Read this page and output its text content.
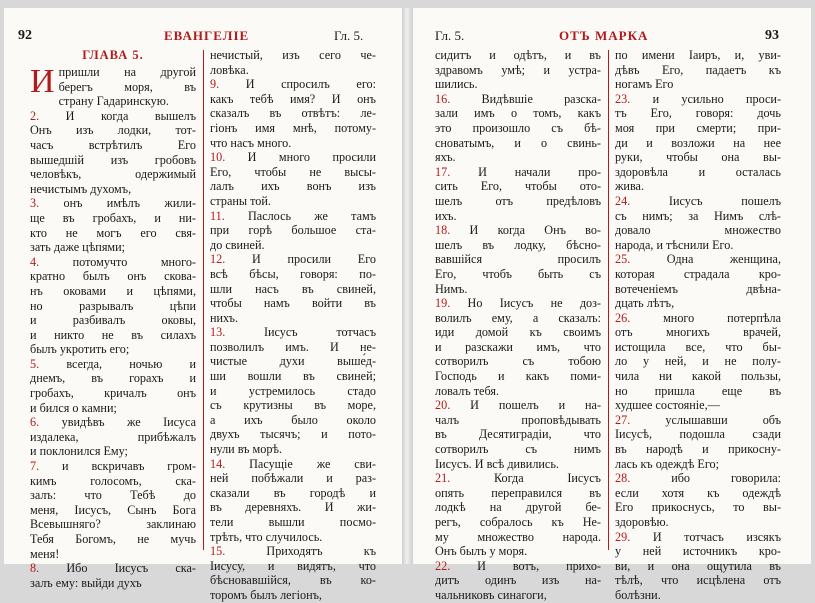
92	ЕВАНГЕЛIЕ	Гл. 5.
ГЛАВА 5.
И пришли на другой
берегъ моря, въ
страну Гадаринскую.
2. И когда вышелъ
Онъ изъ лодки, тот-
часъ встрѣтилъ Его
вышедшiй изъ гробовъ
человѣкъ, одержимый
нечистымъ духомъ,
3. онъ имѣлъ жили-
ще въ гробахъ, и ни-
кто не могъ его свя-
зать даже цѣпями;
4. потомучто много-
кратно былъ онъ скова-
нъ оковами и цѣпями,
но разрывалъ цѣпи
и разбивалъ оковы,
и никто не въ силахъ
былъ укротить его;
5. всегда, ночью и
днемъ, въ горахъ и
гробахъ, кричалъ онъ
и бился о камни;
6. увидѣвъ же Iисуса
издалека, прибѣжалъ
и поклонился Ему;
7. и вскричавъ гром-
кимъ голосомъ, ска-
залъ: что Тебѣ до
меня, Iисусъ, Сынъ Бога
Всевышняго? заклинаю
Тебя Богомъ, не мучь
меня!
8. Ибо Iисусъ ска-
залъ ему: выйди духъ
нечистый, изъ сего че-
ловѣка.
9. И спросилъ его:
какъ тебѣ имя? И онъ
сказалъ въ отвѣтъ: ле-
гiонъ имя мнѣ, потому-
что насъ много.
10. И много просили
Его, чтобы не высы-
лалъ ихъ вонъ изъ
страны той.
11. Паслось же тамъ
при горѣ большое ста-
до свиней.
12. И просили Его
всѣ бѣсы, говоря: по-
шли насъ въ свиней,
чтобы намъ войти въ
нихъ.
13. Iисусъ тотчасъ
позволилъ имъ. И не-
чистые духи выше́д-
ши вошли въ свиней;
и устремилось стадо
съ крутизны въ море,
а ихъ было около
двухъ тысячъ; и пото-
нули въ морѣ.
14. Пасущiе же сви-
ней побѣжали и раз-
сказали въ городѣ и
въ деревняхъ. И жи-
тели вышли посмо-
трѣть, что случилось.
15. Приходятъ къ
Iисусу, и видятъ, что
бѣсновавшiйся, въ ко-
торомъ былъ легiонъ,
Гл. 5.	ОТЪ МАРКА	93
сидитъ и одѣтъ, и въ
здравомъ умѣ; и устра-
шились.
16. Видѣвшiе разска-
зали имъ о томъ, какъ
это произошло съ бѣ-
сноватымъ, и о свинь-
яхъ.
17. И начали про-
сить Его, чтобы ото-
шелъ отъ предѣловъ
ихъ.
18. И когда Онъ во-
шелъ въ лодку, бѣсно-
вавшiйся просилъ
Его, чтобъ быть съ
Нимъ.
19. Но Iисусъ не доз-
волилъ ему, а сказалъ:
иди домой къ своимъ
и разскажи имъ, что
сотворилъ съ тобою
Господь и какъ поми-
ловалъ тебя.
20. И пошелъ и на-
чалъ проповѣдывать
въ Десятиградiи, что
сотворилъ съ нимъ
Iисусъ. И всѣ дивились.
21. Когда Iисусъ
опять переправился въ
лодкѣ на другой бе-
регъ, собралось къ Не-
му множество народа.
Онъ былъ у моря.
22. И вотъ, прихо-
дитъ одинъ изъ на-
чальниковъ синагоги,
по имени Iаиръ, и, уви-
дѣвъ Его, падаетъ къ
ногамъ Его
23. и усильно проси-
тъ Его, говоря: дочь
моя при смерти; при-
ди и возложи на нее
руки, чтобы она вы-
здоровѣла и осталась
жива.
24. Iисусъ пошелъ
съ нимъ; за Нимъ слѣ-
довало множество
народа, и тѣснили Его.
25. Одна женщина,
которая страдала кро-
вотеченiемъ двѣна-
дцать лѣтъ,
26. много потерпѣла
отъ многихъ врачей,
истощила все, что бы-
ло у ней, и не полу-
чила ни какой пользы,
но пришла еще въ
худшее состоянiе,—
27. услышавши объ
Iисусѣ, подошла сзади
въ народѣ и прикосну-
лась къ одеждѣ Его;
28. ибо говорила:
если хотя къ одеждѣ
Его прикоснусь, то вы-
здоровѣю.
29. И тотчасъ изсякъ
у ней источникъ кро-
ви, и она ощутила въ
тѣлѣ, что исцѣлена отъ
болѣзни.
